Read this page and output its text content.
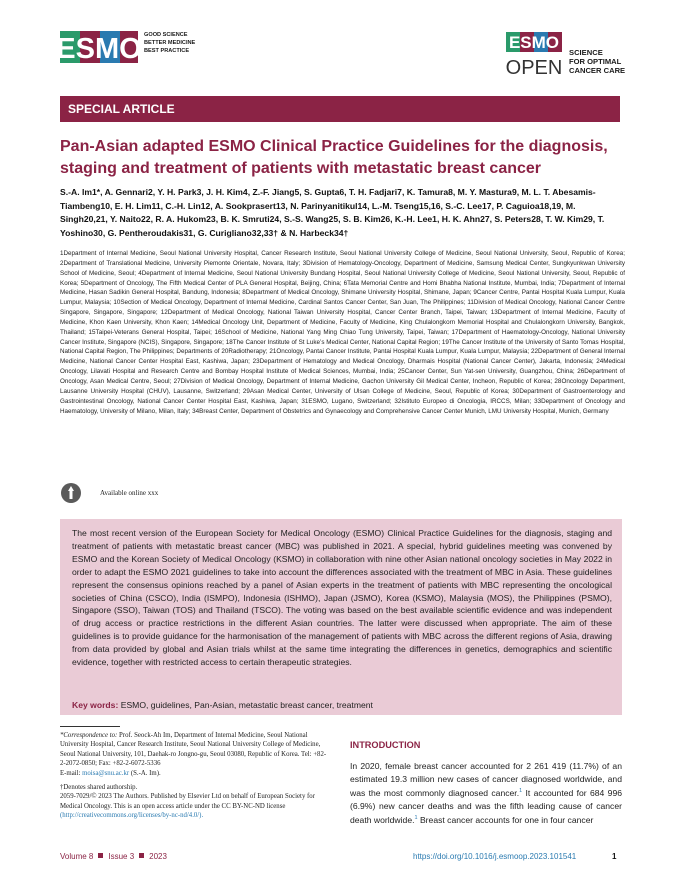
ESMO GOOD SCIENCE
BETTER MEDICINE
BEST PRACTICE	ESMO
OPEN
SCIENCE
FOR OPTIMAL
CANCER CARE
SPECIAL ARTICLE
Pan-Asian adapted ESMO Clinical Practice Guidelines for the diagnosis, staging and treatment of patients with metastatic breast cancer
S.-A. Im1*, A. Gennari2, Y. H. Park3, J. H. Kim4, Z.-F. Jiang5, S. Gupta6, T. H. Fadjari7, K. Tamura8, M. Y. Mastura9, M. L. T. Abesamis-Tiambeng10, E. H. Lim11, C.-H. Lin12, A. Sookprasert13, N. Parinyanitikul14, L.-M. Tseng15,16, S.-C. Lee17, P. Caguioa18,19, M. Singh20,21, Y. Naito22, R. A. Hukom23, B. K. Smruti24, S.-S. Wang25, S. B. Kim26, K.-H. Lee1, H. K. Ahn27, S. Peters28, T. W. Kim29, T. Yoshino30, G. Pentheroudakis31, G. Curigliano32,33† & N. Harbeck34†
1Department of Internal Medicine, Seoul National University Hospital, Cancer Research Institute, Seoul National University College of Medicine, Seoul National University, Seoul, Republic of Korea; 2Department of Translational Medicine, University Piemonte Orientale, Novara, Italy; 3Division of Hematology-Oncology, Department of Medicine, Samsung Medical Center, Sungkyunkwan University School of Medicine, Seoul; 4Department of Internal Medicine, Seoul National University Bundang Hospital, Seoul National University College of Medicine, Seoul National University, Seoul, Republic of Korea; 5Department of Oncology, The Fifth Medical Center of PLA General Hospital, Beijing, China; 6Tata Memorial Centre and Homi Bhabha National Institute, Mumbai, India; 7Department of Internal Medicine, Hasan Sadikin General Hospital, Bandung, Indonesia; 8Department of Medical Oncology, Shimane University Hospital, Shimane, Japan; 9Cancer Centre, Pantai Hospital Kuala Lumpur, Kuala Lumpur, Malaysia; 10Section of Medical Oncology, Department of Internal Medicine, Cardinal Santos Cancer Center, San Juan, The Philippines; 11Division of Medical Oncology, National Cancer Centre Singapore, Singapore, Singapore; 12Department of Medical Oncology, National Taiwan University Hospital, Cancer Center Branch, Taipei, Taiwan; 13Department of Internal Medicine, Faculty of Medicine, Khon Kaen University, Khon Kaen; 14Medical Oncology Unit, Department of Medicine, Faculty of Medicine, King Chulalongkorn Memorial Hospital and Chulalongkorn University, Bangkok, Thailand; 15Taipei-Veterans General Hospital, Taipei; 16School of Medicine, National Yang Ming Chiao Tung University, Taipei, Taiwan; 17Department of Haematology-Oncology, National University Cancer Institute, Singapore (NCIS), Singapore, Singapore; 18The Cancer Institute of St Luke’s Medical Center, National Capital Region; 19The Cancer Institute of the University of Santo Tomas Hospital, National Capital Region, The Philippines; Departments of 20Radiotherapy; 21Oncology, Pantai Cancer Institute, Pantai Hospital Kuala Lumpur, Kuala Lumpur, Malaysia; 22Department of General Internal Medicine, National Cancer Center Hospital East, Kashiwa, Japan; 23Department of Hematology and Medical Oncology, Dharmais Hospital (National Cancer Center), Jakarta, Indonesia; 24Medical Oncology, Lilavati Hospital and Research Centre and Bombay Hospital Institute of Medical Sciences, Mumbai, India; 25Cancer Center, Sun Yat-sen University, Guangzhou, China; 26Department of Oncology, Asan Medical Centre, Seoul; 27Division of Medical Oncology, Department of Internal Medicine, Gachon University Gil Medical Center, Incheon, Republic of Korea; 28Oncology Department, Lausanne University Hospital (CHUV), Lausanne, Switzerland; 29Asan Medical Center, University of Ulsan College of Medicine, Seoul, Republic of Korea; 30Department of Gastroenterology and Gastrointestinal Oncology, National Cancer Center Hospital East, Kashiwa, Japan; 31ESMO, Lugano, Switzerland; 32Istituto Europeo di Oncologia, IRCCS, Milan; 33Department of Oncology and Haematology, University of Milano, Milan, Italy; 34Breast Center, Department of Obstetrics and Gynaecology and Comprehensive Cancer Center Munich, LMU University Hospital, Munich, Germany
Available online xxx
The most recent version of the European Society for Medical Oncology (ESMO) Clinical Practice Guidelines for the diagnosis, staging and treatment of patients with metastatic breast cancer (MBC) was published in 2021. A special, hybrid guidelines meeting was convened by ESMO and the Korean Society of Medical Oncology (KSMO) in collaboration with nine other Asian national oncology societies in May 2022 in order to adapt the ESMO 2021 guidelines to take into account the differences associated with the treatment of MBC in Asia. These guidelines represent the consensus opinions reached by a panel of Asian experts in the treatment of patients with MBC representing the oncological societies of China (CSCO), India (ISMPO), Indonesia (ISHMO), Japan (JSMO), Korea (KSMO), Malaysia (MOS), the Philippines (PSMO), Singapore (SSO), Taiwan (TOS) and Thailand (TSCO). The voting was based on the best available scientific evidence and was independent of drug access or practice restrictions in the different Asian countries. The latter were discussed when appropriate. The aim of these guidelines is to provide guidance for the harmonisation of the management of patients with MBC across the different regions of Asia, drawing from data provided by global and Asian trials whilst at the same time integrating the differences in genetics, demographics and scientific evidence, together with restricted access to certain therapeutic strategies.
Key words: ESMO, guidelines, Pan-Asian, metastatic breast cancer, treatment
*Correspondence to: Prof. Seock-Ah Im, Department of Internal Medicine, Seoul National University Hospital, Cancer Research Institute, Seoul National University College of Medicine, Seoul National University, 101, Daehak-ro Jongno-gu, Seoul 03080, Republic of Korea. Tel: +82-2-2072-0850; Fax: +82-2-6072-5336
E-mail: moisa@snu.ac.kr (S.-A. Im).
†Denotes shared authorship.
2059-7029/© 2023 The Authors. Published by Elsevier Ltd on behalf of European Society for Medical Oncology. This is an open access article under the CC BY-NC-ND license (http://creativecommons.org/licenses/by-nc-nd/4.0/).
INTRODUCTION
In 2020, female breast cancer accounted for 2 261 419 (11.7%) of an estimated 19.3 million new cases of cancer diagnosed worldwide, and was the most commonly diagnosed cancer.$^1$ It accounted for 684 996 (6.9%) new cancer deaths and was the fifth leading cause of cancer death worldwide.$^1$ Breast cancer accounts for one in four cancer
Volume 8 Issue 3 2023	https://doi.org/10.1016/j.esmoop.2023.101541	1
